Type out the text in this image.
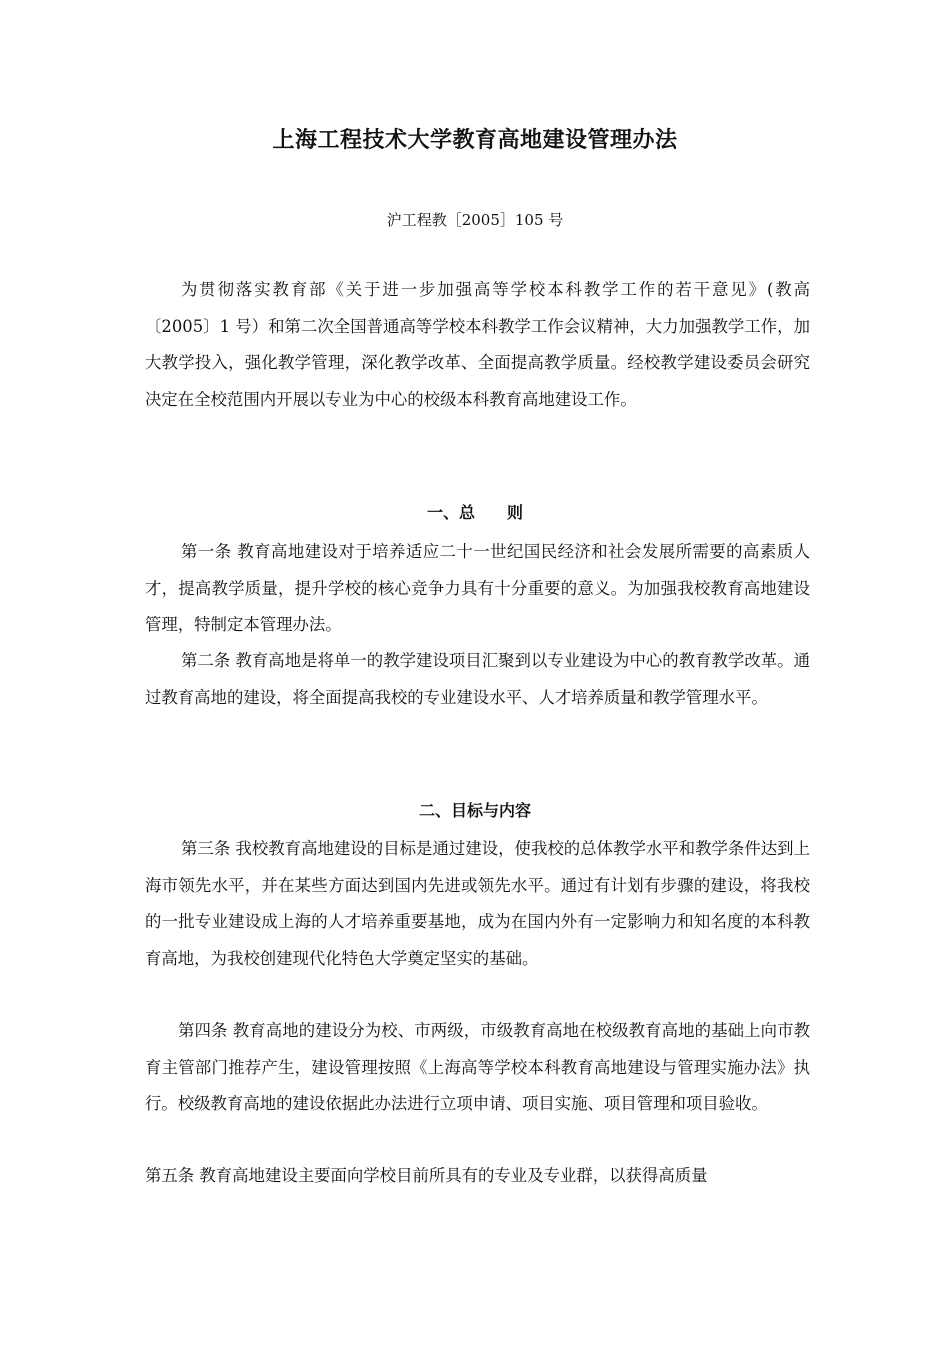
上海工程技术大学教育高地建设管理办法
沪工程教［2005］105 号

为贯彻落实教育部《关于进一步加强高等学校本科教学工作的若干意见》(教高〔2005〕1 号）和第二次全国普通高等学校本科教学工作会议精神，大力加强教学工作，加大教学投入，强化教学管理，深化教学改革、全面提高教学质量。经校教学建设委员会研究决定在全校范围内开展以专业为中心的校级本科教育高地建设工作。

一、总　　则

第一条 教育高地建设对于培养适应二十一世纪国民经济和社会发展所需要的高素质人才，提高教学质量，提升学校的核心竞争力具有十分重要的意义。为加强我校教育高地建设管理，特制定本管理办法。

第二条 教育高地是将单一的教学建设项目汇聚到以专业建设为中心的教育教学改革。通过教育高地的建设，将全面提高我校的专业建设水平、人才培养质量和教学管理水平。

二、目标与内容

第三条 我校教育高地建设的目标是通过建设，使我校的总体教学水平和教学条件达到上海市领先水平，并在某些方面达到国内先进或领先水平。通过有计划有步骤的建设，将我校的一批专业建设成上海的人才培养重要基地，成为在国内外有一定影响力和知名度的本科教育高地，为我校创建现代化特色大学奠定坚实的基础。

第四条 教育高地的建设分为校、市两级，市级教育高地在校级教育高地的基础上向市教育主管部门推荐产生，建设管理按照《上海高等学校本科教育高地建设与管理实施办法》执行。校级教育高地的建设依据此办法进行立项申请、项目实施、项目管理和项目验收。

第五条 教育高地建设主要面向学校目前所具有的专业及专业群，以获得高质量
